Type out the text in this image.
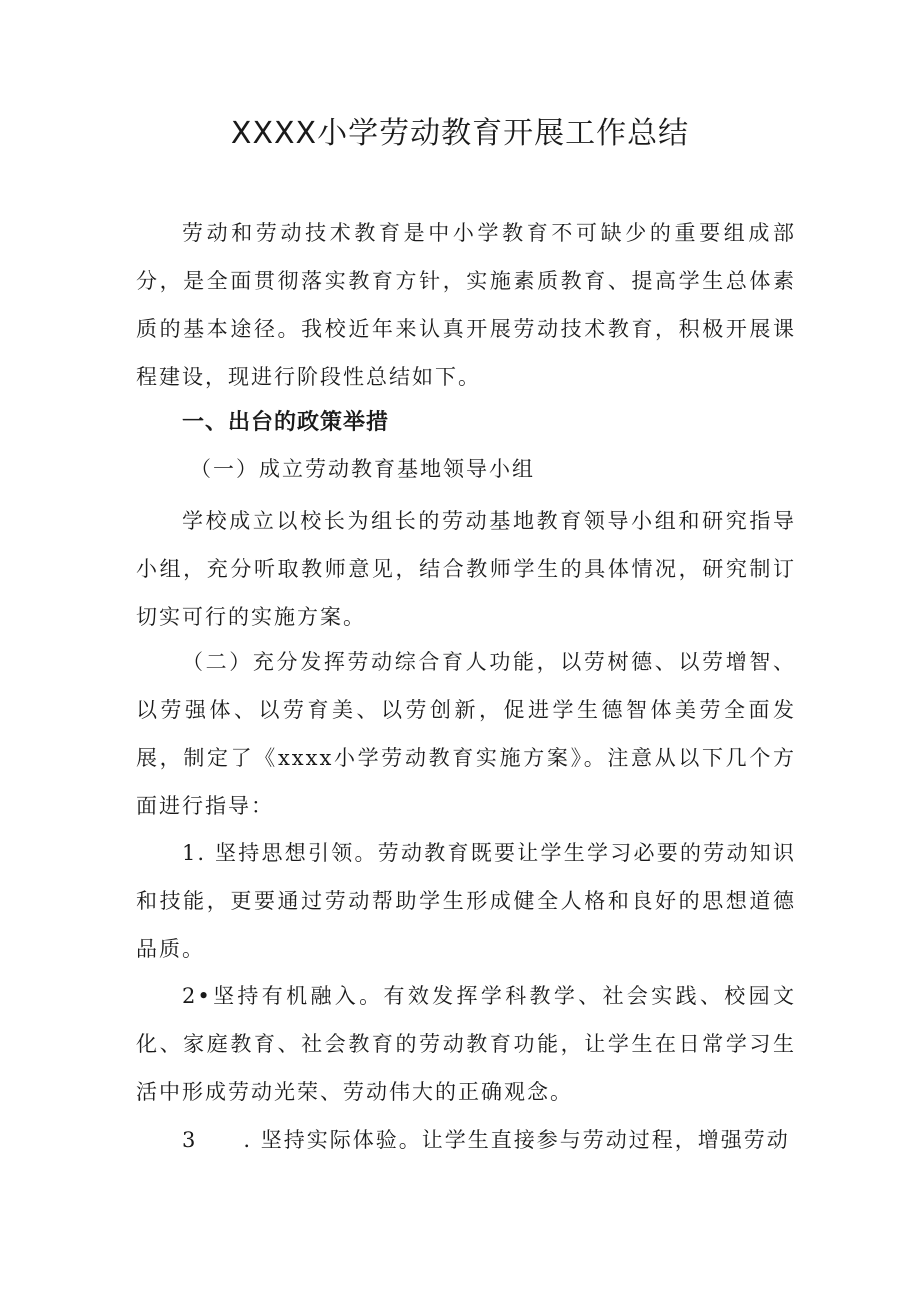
XXXX小学劳动教育开展工作总结

劳动和劳动技术教育是中小学教育不可缺少的重要组成部分，是全面贯彻落实教育方针，实施素质教育、提高学生总体素质的基本途径。我校近年来认真开展劳动技术教育，积极开展课程建设，现进行阶段性总结如下。

一、出台的政策举措
（一）成立劳动教育基地领导小组

学校成立以校长为组长的劳动基地教育领导小组和研究指导小组，充分听取教师意见，结合教师学生的具体情况，研究制订切实可行的实施方案。

（二）充分发挥劳动综合育人功能，以劳树德、以劳增智、以劳强体、以劳育美、以劳创新，促进学生德智体美劳全面发展，制定了《xxxx小学劳动教育实施方案》。注意从以下几个方面进行指导：

1. 坚持思想引领。劳动教育既要让学生学习必要的劳动知识和技能，更要通过劳动帮助学生形成健全人格和良好的思想道德品质。

2•坚持有机融入。有效发挥学科教学、社会实践、校园文化、家庭教育、社会教育的劳动教育功能，让学生在日常学习生活中形成劳动光荣、劳动伟大的正确观念。

3　　. 坚持实际体验。让学生直接参与劳动过程，增强劳动
